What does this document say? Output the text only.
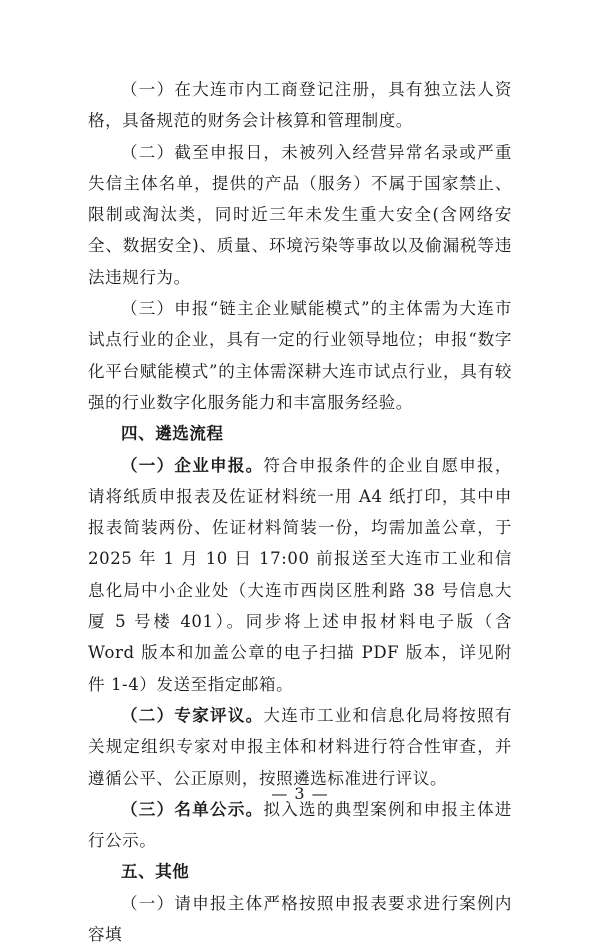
（一）在大连市内工商登记注册，具有独立法人资格，具备规范的财务会计核算和管理制度。

（二）截至申报日，未被列入经营异常名录或严重失信主体名单，提供的产品（服务）不属于国家禁止、限制或淘汰类，同时近三年未发生重大安全(含网络安全、数据安全)、质量、环境污染等事故以及偷漏税等违法违规行为。

（三）申报“链主企业赋能模式”的主体需为大连市试点行业的企业，具有一定的行业领导地位；申报“数字化平台赋能模式”的主体需深耕大连市试点行业，具有较强的行业数字化服务能力和丰富服务经验。

四、遴选流程

（一）企业申报。符合申报条件的企业自愿申报，请将纸质申报表及佐证材料统一用 A4 纸打印，其中申报表简装两份、佐证材料简装一份，均需加盖公章，于 2025 年 1 月 10 日 17:00 前报送至大连市工业和信息化局中小企业处（大连市西岗区胜利路 38 号信息大厦 5 号楼 401）。同步将上述申报材料电子版（含 Word 版本和加盖公章的电子扫描 PDF 版本，详见附件 1-4）发送至指定邮箱。

（二）专家评议。大连市工业和信息化局将按照有关规定组织专家对申报主体和材料进行符合性审查，并遵循公平、公正原则，按照遴选标准进行评议。

（三）名单公示。拟入选的典型案例和申报主体进行公示。

五、其他

（一）请申报主体严格按照申报表要求进行案例内容填

— 3 —
